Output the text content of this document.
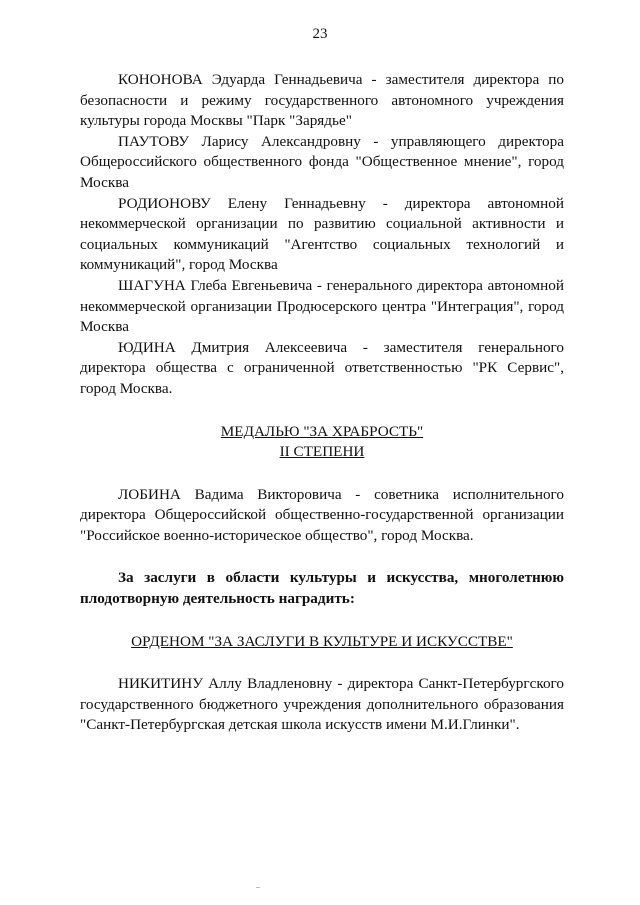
23

КОНОНОВА Эдуарда Геннадьевича - заместителя директора по безопасности и режиму государственного автономного учреждения культуры города Москвы "Парк "Зарядье"

ПАУТОВУ Ларису Александровну - управляющего директора Общероссийского общественного фонда "Общественное мнение", город Москва

РОДИОНОВУ Елену Геннадьевну - директора автономной некоммерческой организации по развитию социальной активности и социальных коммуникаций "Агентство социальных технологий и коммуникаций", город Москва

ШАГУНА Глеба Евгеньевича - генерального директора автономной некоммерческой организации Продюсерского центра "Интеграция", город Москва

ЮДИНА Дмитрия Алексеевича - заместителя генерального директора общества с ограниченной ответственностью "РК Сервис", город Москва.

МЕДАЛЬЮ "ЗА ХРАБРОСТЬ"

II СТЕПЕНИ

ЛОБИНА Вадима Викторовича - советника исполнительного директора Общероссийской общественно-государственной организации "Российское военно-историческое общество", город Москва.

За заслуги в области культуры и искусства, многолетнюю плодотворную деятельность наградить:

ОРДЕНОМ "ЗА ЗАСЛУГИ В КУЛЬТУРЕ И ИСКУССТВЕ"

НИКИТИНУ Аллу Владленовну - директора Санкт-Петербургского государственного бюджетного учреждения дополнительного образования "Санкт-Петербургская детская школа искусств имени М.И.Глинки".
